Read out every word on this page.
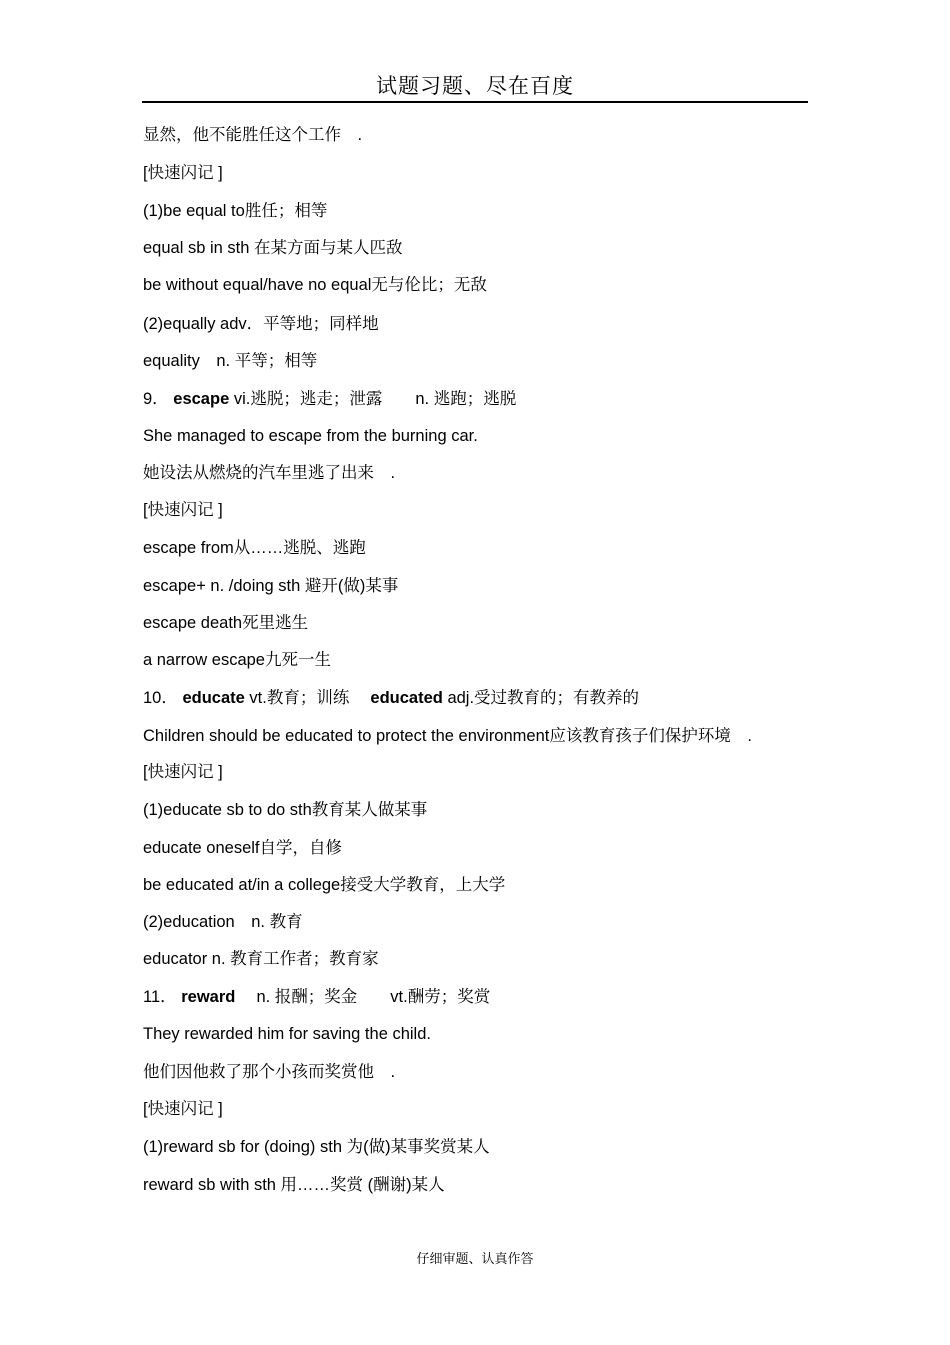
试题习题、尽在百度
显然，他不能胜任这个工作　.
[快速闪记 ]
(1)be equal to胜任；相等
equal sb in sth 在某方面与某人匹敌
be without equal/have no equal无与伦比；无敌
(2)equally adv．平等地；同样地
equality　n. 平等；相等
9． escape vi.逃脱；逃走；泄露　　n. 逃跑；逃脱
She managed to escape from the burning car.
她设法从燃烧的汽车里逃了出来　.
[快速闪记 ]
escape from从……逃脱、逃跑
escape+ n. /doing sth 避开(做)某事
escape death死里逃生
a narrow escape九死一生
10． educate vt.教育；训练　 educated adj.受过教育的；有教养的
Children should be educated to protect the environment应该教育孩子们保护环境　.
[快速闪记 ]
(1)educate sb to do sth教育某人做某事
educate oneself自学，自修
be educated at/in a college接受大学教育，上大学
(2)education　n. 教育
educator n. 教育工作者；教育家
11． reward 　n. 报酬；奖金　　vt.酬劳；奖赏
They rewarded him for saving the child.
他们因他救了那个小孩而奖赏他　.
[快速闪记 ]
(1)reward sb for (doing) sth 为(做)某事奖赏某人
reward sb with sth 用……奖赏 (酬谢)某人
仔细审题、认真作答
